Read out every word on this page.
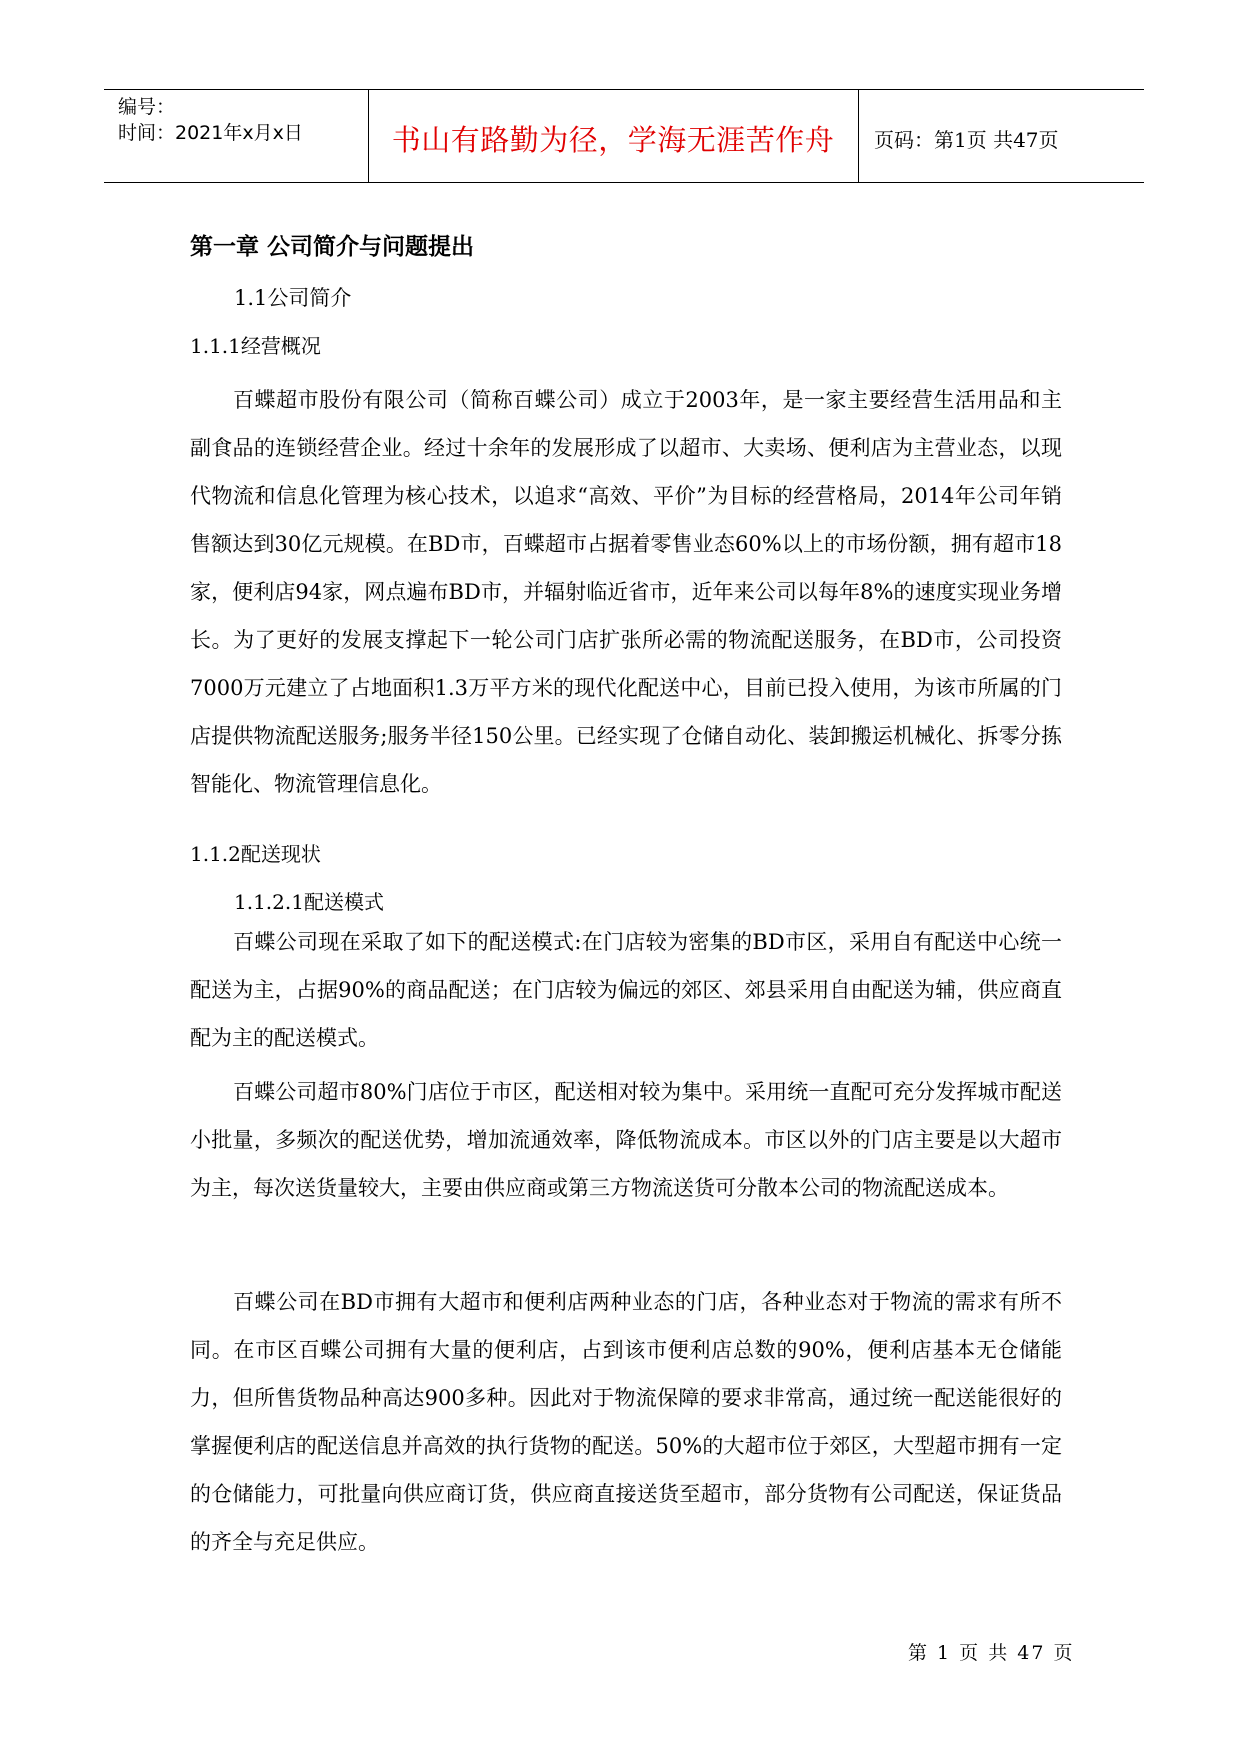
编号：
时间：2021年x月x日	书山有路勤为径，学海无涯苦作舟	页码：第1页 共47页
第一章 公司简介与问题提出
1.1公司简介
1.1.1经营概况

百蝶超市股份有限公司（简称百蝶公司）成立于2003年，是一家主要经营生活用品和主副食品的连锁经营企业。经过十余年的发展形成了以超市、大卖场、便利店为主营业态，以现代物流和信息化管理为核心技术，以追求“高效、平价”为目标的经营格局，2014年公司年销售额达到30亿元规模。在BD市，百蝶超市占据着零售业态60%以上的市场份额，拥有超市18家，便利店94家，网点遍布BD市，并辐射临近省市，近年来公司以每年8%的速度实现业务增长。为了更好的发展支撑起下一轮公司门店扩张所必需的物流配送服务，在BD市，公司投资7000万元建立了占地面积1.3万平方米的现代化配送中心，目前已投入使用，为该市所属的门店提供物流配送服务;服务半径150公里。已经实现了仓储自动化、装卸搬运机械化、拆零分拣智能化、物流管理信息化。

1.1.2配送现状
1.1.2.1配送模式

百蝶公司现在采取了如下的配送模式:在门店较为密集的BD市区，采用自有配送中心统一配送为主，占据90%的商品配送；在门店较为偏远的郊区、郊县采用自由配送为辅，供应商直配为主的配送模式。

百蝶公司超市80%门店位于市区，配送相对较为集中。采用统一直配可充分发挥城市配送小批量，多频次的配送优势，增加流通效率，降低物流成本。市区以外的门店主要是以大超市为主，每次送货量较大，主要由供应商或第三方物流送货可分散本公司的物流配送成本。

百蝶公司在BD市拥有大超市和便利店两种业态的门店，各种业态对于物流的需求有所不同。在市区百蝶公司拥有大量的便利店，占到该市便利店总数的90%，便利店基本无仓储能力，但所售货物品种高达900多种。因此对于物流保障的要求非常高，通过统一配送能很好的掌握便利店的配送信息并高效的执行货物的配送。50%的大超市位于郊区，大型超市拥有一定的仓储能力，可批量向供应商订货，供应商直接送货至超市，部分货物有公司配送，保证货品的齐全与充足供应。

第 1 页 共 47 页
